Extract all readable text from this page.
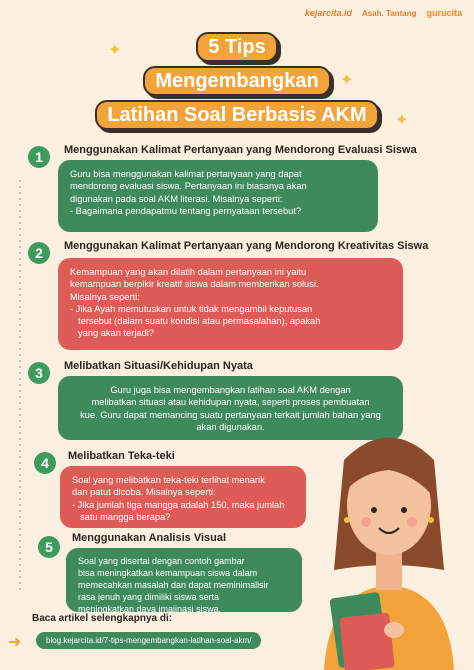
kejarcita.id Asah. Tantang gurucita
✦
✦
✦
5 Tips
Mengembangkan
Latihan Soal Berbasis AKM
1	Menggunakan Kalimat Pertanyaan yang Mendorong Evaluasi Siswa
Guru bisa menggunakan kalimat pertanyaan yang dapat
mendorong evaluasi siswa. Pertanyaan ini biasanya akan
digunakan pada soal AKM literasi. Misalnya seperti:
- Bagaimana pendapatmu tentang pernyataan tersebut?
2	Menggunakan Kalimat Pertanyaan yang Mendorong Kreativitas Siswa
Kemampuan yang akan dilatih dalam pertanyaan ini yaitu
kemampuan berpikir kreatif siswa dalam memberikan solusi.
Misalnya seperti:
- Jika Ayah memutuskan untuk tidak mengambil keputusan
tersebut (dalam suatu kondisi atau permasalahan), apakah
yang akan terjadi?
3	Melibatkan Situasi/Kehidupan Nyata
Guru juga bisa mengembangkan latihan soal AKM dengan
melibatkan situasi atau kehidupan nyata, seperti proses pembuatan
kue. Guru dapat memancing suatu pertanyaan terkait jumlah bahan yang
akan digunakan.
4	Melibatkan Teka-teki
Soal yang melibatkan teka-teki terlihat menarik
dan patut dicoba. Misalnya seperti:
- Jika jumlah tiga mangga adalah 150, maka jumlah
satu mangga berapa?
5
Menggunakan Analisis Visual
Soal yang disertai dengan contoh gambar
bisa meningkatkan kemampuan siswa dalam
memecahkan masalah dan dapat meminimalisir
rasa jenuh yang dimiliki siswa serta
meningkatkan daya imajinasi siswa.
➜
Baca artikel selengkapnya di:
blog.kejarcita.id/7-tips-mengembangkan-latihan-soal-akm/
